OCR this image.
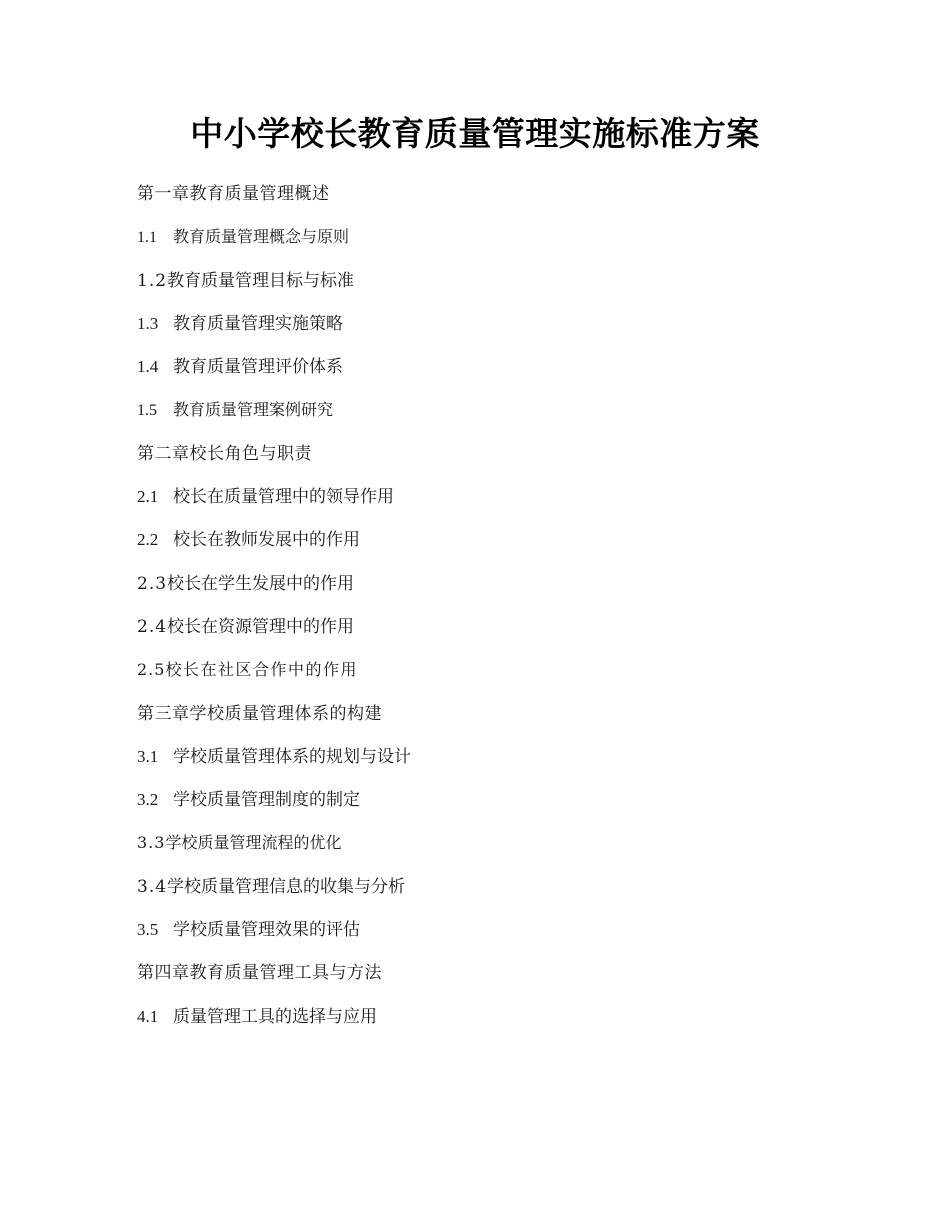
中小学校长教育质量管理实施标准方案
第一章教育质量管理概述
1.1 教育质量管理概念与原则
1.2教育质量管理目标与标准
1.3 教育质量管理实施策略
1.4 教育质量管理评价体系
1.5 教育质量管理案例研究
第二章校长角色与职责
2.1 校长在质量管理中的领导作用
2.2 校长在教师发展中的作用
2.3校长在学生发展中的作用
2.4校长在资源管理中的作用
2.5校长在社区合作中的作用
第三章学校质量管理体系的构建
3.1 学校质量管理体系的规划与设计
3.2 学校质量管理制度的制定
3.3学校质量管理流程的优化
3.4学校质量管理信息的收集与分析
3.5 学校质量管理效果的评估
第四章教育质量管理工具与方法
4.1 质量管理工具的选择与应用
